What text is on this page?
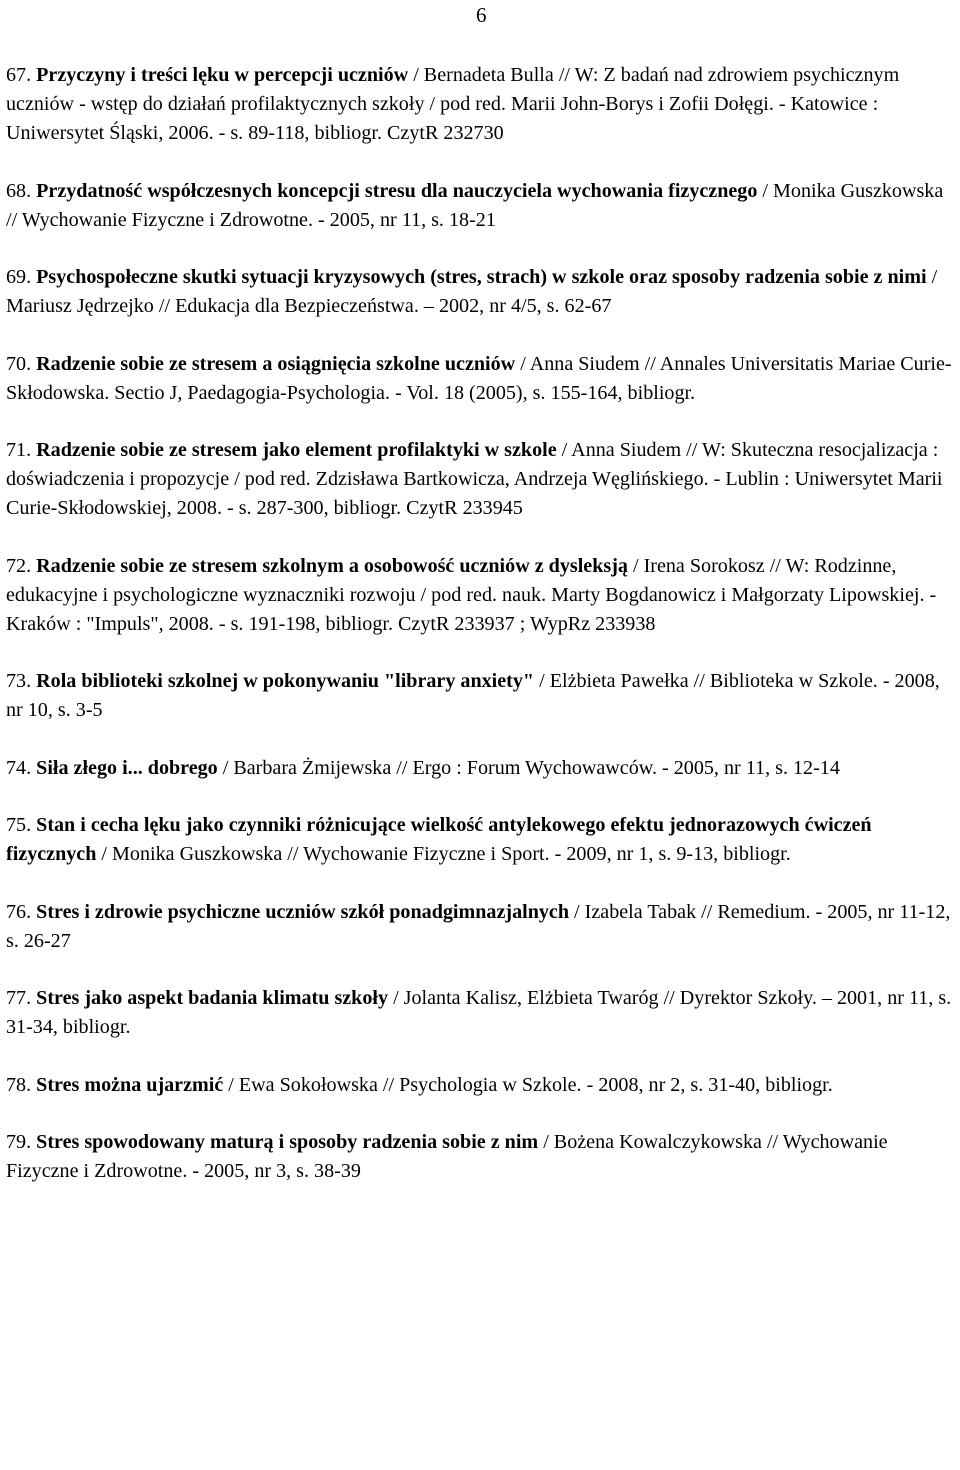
6

67. Przyczyny i treści lęku w percepcji uczniów / Bernadeta Bulla // W: Z badań nad zdrowiem psychicznym uczniów - wstęp do działań profilaktycznych szkoły / pod red. Marii John-Borys i Zofii Dołęgi. - Katowice : Uniwersytet Śląski, 2006. - s. 89-118, bibliogr. CzytR 232730

68. Przydatność współczesnych koncepcji stresu dla nauczyciela wychowania fizycznego / Monika Guszkowska // Wychowanie Fizyczne i Zdrowotne. - 2005, nr 11, s. 18-21

69. Psychospołeczne skutki sytuacji kryzysowych (stres, strach) w szkole oraz sposoby radzenia sobie z nimi / Mariusz Jędrzejko // Edukacja dla Bezpieczeństwa. – 2002, nr 4/5, s. 62-67

70. Radzenie sobie ze stresem a osiągnięcia szkolne uczniów / Anna Siudem // Annales Universitatis Mariae Curie-Skłodowska. Sectio J, Paedagogia-Psychologia. - Vol. 18 (2005), s. 155-164, bibliogr.

71. Radzenie sobie ze stresem jako element profilaktyki w szkole / Anna Siudem // W: Skuteczna resocjalizacja : doświadczenia i propozycje / pod red. Zdzisława Bartkowicza, Andrzeja Węglińskiego. - Lublin : Uniwersytet Marii Curie-Skłodowskiej, 2008. - s. 287-300, bibliogr. CzytR 233945

72. Radzenie sobie ze stresem szkolnym a osobowość uczniów z dysleksją / Irena Sorokosz // W: Rodzinne, edukacyjne i psychologiczne wyznaczniki rozwoju / pod red. nauk. Marty Bogdanowicz i Małgorzaty Lipowskiej. - Kraków : "Impuls", 2008. - s. 191-198, bibliogr. CzytR 233937 ; WypRz 233938

73. Rola biblioteki szkolnej w pokonywaniu "library anxiety" / Elżbieta Pawełka // Biblioteka w Szkole. - 2008, nr 10, s. 3-5

74. Siła złego i... dobrego / Barbara Żmijewska // Ergo : Forum Wychowawców. - 2005, nr 11, s. 12-14

75. Stan i cecha lęku jako czynniki różnicujące wielkość antylekowego efektu jednorazowych ćwiczeń fizycznych / Monika Guszkowska // Wychowanie Fizyczne i Sport. - 2009, nr 1, s. 9-13, bibliogr.

76. Stres i zdrowie psychiczne uczniów szkół ponadgimnazjalnych / Izabela Tabak // Remedium. - 2005, nr 11-12, s. 26-27

77. Stres jako aspekt badania klimatu szkoły / Jolanta Kalisz, Elżbieta Twaróg // Dyrektor Szkoły. – 2001, nr 11, s. 31-34, bibliogr.

78. Stres można ujarzmić / Ewa Sokołowska // Psychologia w Szkole. - 2008, nr 2, s. 31-40, bibliogr.

79. Stres spowodowany maturą i sposoby radzenia sobie z nim / Bożena Kowalczykowska // Wychowanie Fizyczne i Zdrowotne. - 2005, nr 3, s. 38-39
